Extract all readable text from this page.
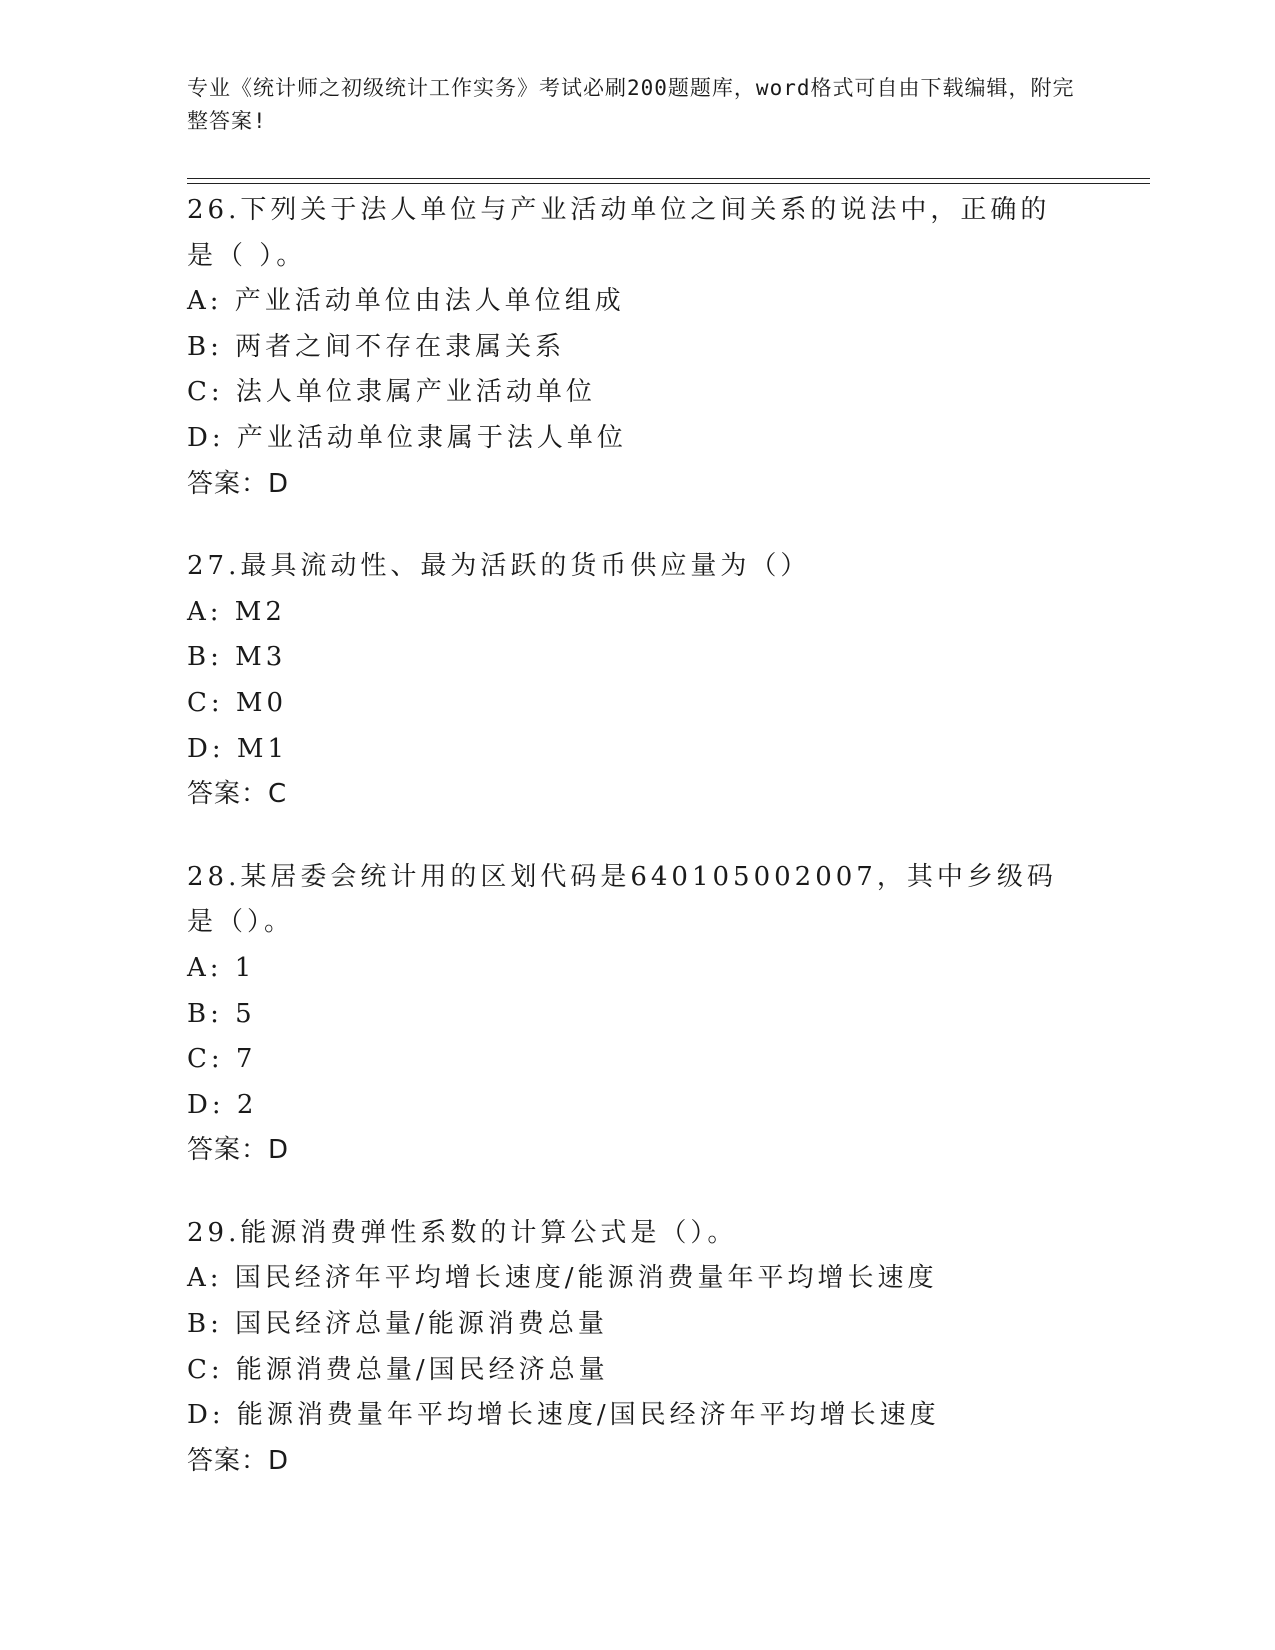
专业《统计师之初级统计工作实务》考试必刷200题题库，word格式可自由下载编辑，附完整答案!
26.下列关于法人单位与产业活动单位之间关系的说法中，正确的是（ ）。
A: 产业活动单位由法人单位组成
B: 两者之间不存在隶属关系
C: 法人单位隶属产业活动单位
D: 产业活动单位隶属于法人单位
答案：D
27.最具流动性、最为活跃的货币供应量为（）
A: M2
B: M3
C: M0
D: M1
答案：C
28.某居委会统计用的区划代码是640105002007，其中乡级码是（）。
A: 1
B: 5
C: 7
D: 2
答案：D
29.能源消费弹性系数的计算公式是（）。
A: 国民经济年平均增长速度/能源消费量年平均增长速度
B: 国民经济总量/能源消费总量
C: 能源消费总量/国民经济总量
D: 能源消费量年平均增长速度/国民经济年平均增长速度
答案：D
